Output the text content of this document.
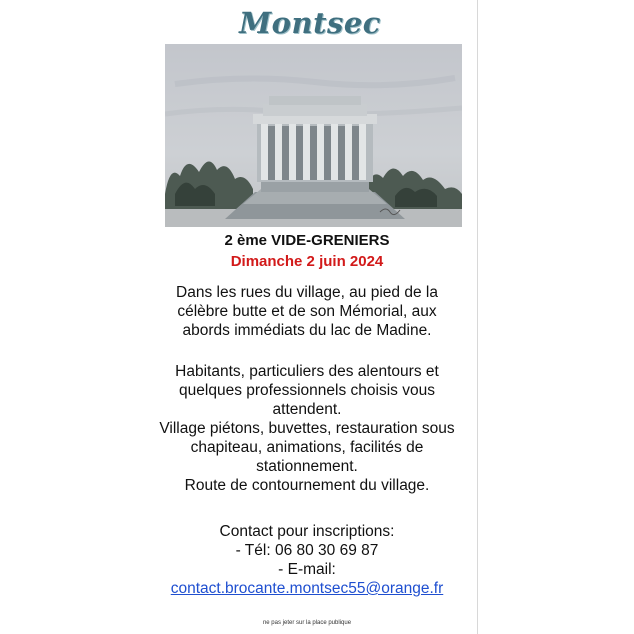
Montsec
2 ème VIDE-GRENIERS
Dimanche 2 juin 2024
Dans les rues du village, au pied de la
célèbre butte et de son Mémorial, aux
abords immédiats du lac de Madine.
Habitants, particuliers des alentours et
quelques professionnels choisis vous
attendent.
Village piétons, buvettes, restauration sous
chapiteau, animations, facilités de
stationnement.
Route de contournement du village.
Contact pour inscriptions:
- Tél: 06 80 30 69 87
- E-mail:
contact.brocante.montsec55@orange.fr
ne pas jeter sur la place publique
